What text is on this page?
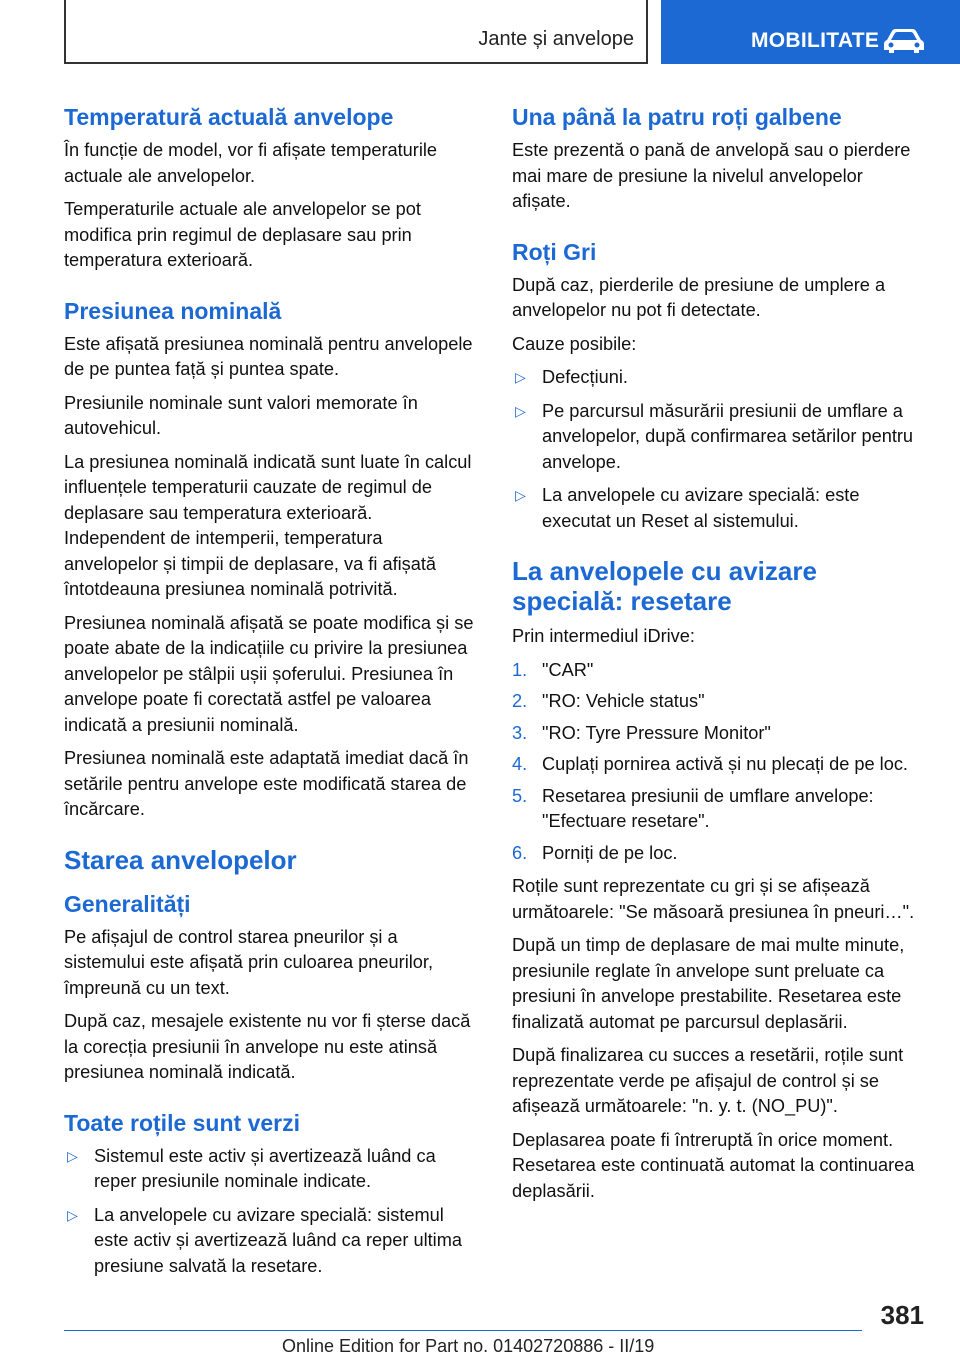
Jante și anvelope	MOBILITATE
Temperatură actuală anvelope

În funcție de model, vor fi afișate temperaturile actuale ale anvelopelor.

Temperaturile actuale ale anvelopelor se pot modifica prin regimul de deplasare sau prin temperatura exterioară.

Presiunea nominală

Este afișată presiunea nominală pentru anvelopele de pe puntea față și puntea spate.

Presiunile nominale sunt valori memorate în autovehicul.

La presiunea nominală indicată sunt luate în calcul influențele temperaturii cauzate de regimul de deplasare sau temperatura exterioară. Independent de intemperii, temperatura anvelopelor și timpii de deplasare, va fi afișată întotdeauna presiunea nominală potrivită.

Presiunea nominală afișată se poate modifica și se poate abate de la indicațiile cu privire la presiunea anvelopelor pe stâlpii ușii șoferului. Presiunea în anvelope poate fi corectată astfel pe valoarea indicată a presiunii nominală.

Presiunea nominală este adaptată imediat dacă în setările pentru anvelope este modificată starea de încărcare.

Starea anvelopelor
Generalități

Pe afișajul de control starea pneurilor și a sistemului este afișată prin culoarea pneurilor, împreună cu un text.

După caz, mesajele existente nu vor fi șterse dacă la corecția presiunii în anvelope nu este atinsă presiunea nominală indicată.

Toate roțile sunt verzi
▷ Sistemul este activ și avertizează luând ca reper presiunile nominale indicate.
▷ La anvelopele cu avizare specială: sistemul este activ și avertizează luând ca reper ultima presiune salvată la resetare.
Una până la patru roți galbene

Este prezentă o pană de anvelopă sau o pierdere mai mare de presiune la nivelul anvelopelor afișate.

Roți Gri

După caz, pierderile de presiune de umplere a anvelopelor nu pot fi detectate.

Cauze posibile:

▷ Defecțiuni.
▷ Pe parcursul măsurării presiunii de umflare a anvelopelor, după confirmarea setărilor pentru anvelope.
▷ La anvelopele cu avizare specială: este executat un Reset al sistemului.
La anvelopele cu avizare specială: resetare

Prin intermediul iDrive:

1. "CAR"
2. "RO: Vehicle status"
3. "RO: Tyre Pressure Monitor"
4. Cuplați pornirea activă și nu plecați de pe loc.
5. Resetarea presiunii de umflare anvelope: "Efectuare resetare".
6. Porniți de pe loc.

Roțile sunt reprezentate cu gri și se afișează următoarele: "Se măsoară presiunea în pneuri…".

După un timp de deplasare de mai multe minute, presiunile reglate în anvelope sunt preluate ca presiuni în anvelope prestabilite. Resetarea este finalizată automat pe parcursul deplasării.

După finalizarea cu succes a resetării, roțile sunt reprezentate verde pe afișajul de control și se afișează următoarele: "n. y. t. (NO_PU)".

Deplasarea poate fi întreruptă în orice moment. Resetarea este continuată automat la continuarea deplasării.

381
Online Edition for Part no. 01402720886 - II/19
